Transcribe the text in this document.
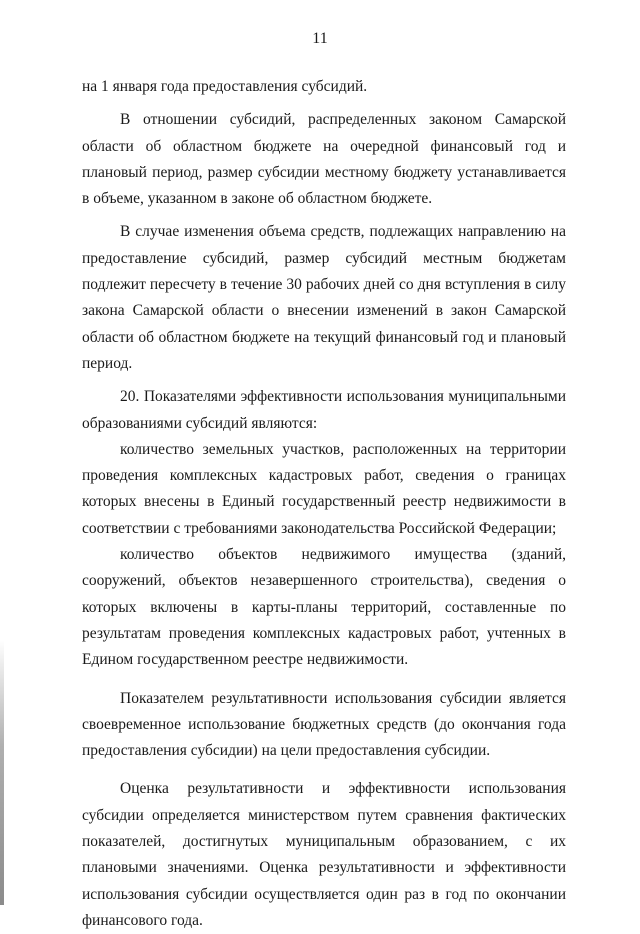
11

на 1 января года предоставления субсидий.

В отношении субсидий, распределенных законом Самарской области об областном бюджете на очередной финансовый год и плановый период, размер субсидии местному бюджету устанавливается в объеме, указанном в законе об областном бюджете.

В случае изменения объема средств, подлежащих направлению на предоставление субсидий, размер субсидий местным бюджетам подлежит пересчету в течение 30 рабочих дней со дня вступления в силу закона Самарской области о внесении изменений в закон Самарской области об областном бюджете на текущий финансовый год и плановый период.

20. Показателями эффективности использования муниципальными образованиями субсидий являются:

количество земельных участков, расположенных на территории проведения комплексных кадастровых работ, сведения о границах которых внесены в Единый государственный реестр недвижимости в соответствии с требованиями законодательства Российской Федерации;

количество объектов недвижимого имущества (зданий, сооружений, объектов незавершенного строительства), сведения о которых включены в карты-планы территорий, составленные по результатам проведения комплексных кадастровых работ, учтенных в Едином государственном реестре недвижимости.

Показателем результативности использования субсидии является своевременное использование бюджетных средств (до окончания года предоставления субсидии) на цели предоставления субсидии.

Оценка результативности и эффективности использования субсидии определяется министерством путем сравнения фактических показателей, достигнутых муниципальным образованием, с их плановыми значениями. Оценка результативности и эффективности использования субсидии осуществляется один раз в год по окончании финансового года.
